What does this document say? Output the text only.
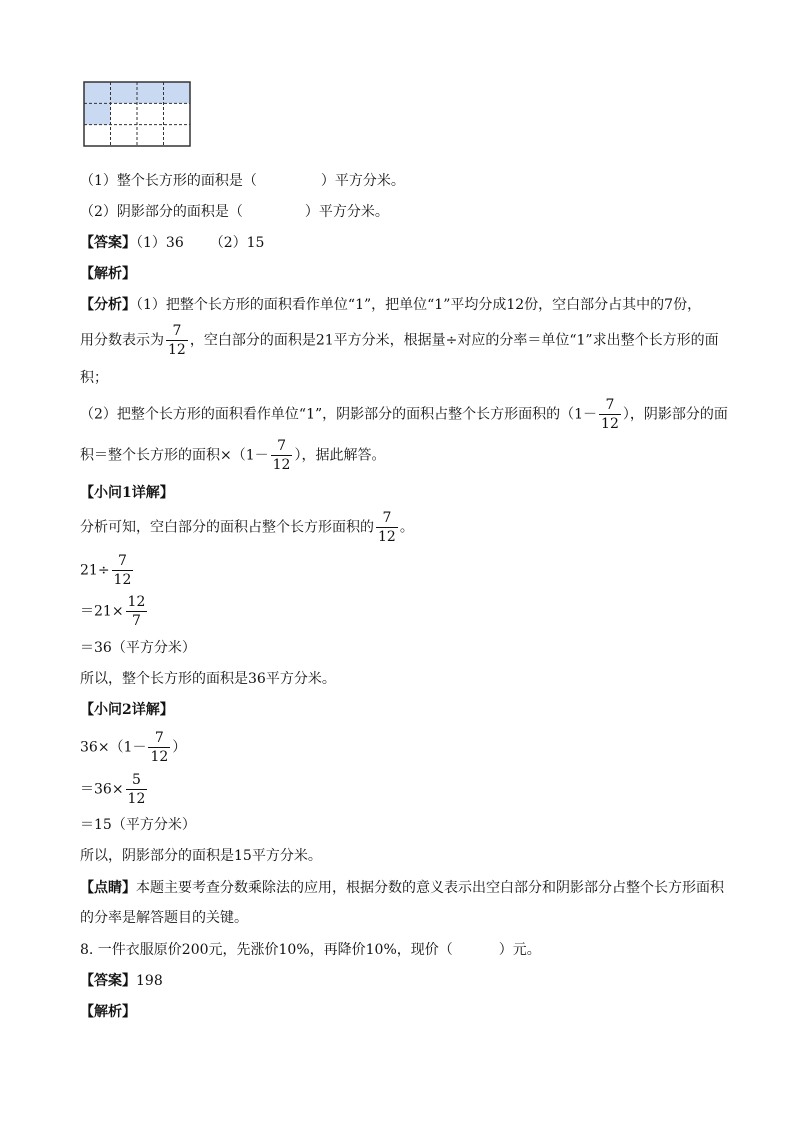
（1）整个长方形的面积是（	）平方分米。
（2）阴影部分的面积是（	）平方分米。
【答案】（1）36 （2）15
【解析】
【分析】（1）把整个长方形的面积看作单位“1”，把单位“1”平均分成12份，空白部分占其中的7份，
用分数表示为 $\frac{7}{12}$ ，空白部分的面积是21平方分米，根据量÷对应的分率＝单位“1”求出整个长方形的面
积；
（2）把整个长方形的面积看作单位“1”，阴影部分的面积占整个长方形面积的（$1- \frac{7}{12}$ ），阴影部分的面
积＝整个长方形的面积$\times(1- \frac{7}{12}$ ），据此解答。
【小问1详解】
分析可知，空白部分的面积占整个长方形面积的 $\frac{7}{12}$ 。
$21\div \frac{7}{12}$
$=21\times \frac{12}{7}$
＝36（平方分米）
所以，整个长方形的面积是36平方分米。
【小问2详解】
$36\times(1- \frac{7}{12}$ ）
$=36\times \frac{5}{12}$
＝15（平方分米）
所以，阴影部分的面积是15平方分米。
【点睛】本题主要考查分数乘除法的应用，根据分数的意义表示出空白部分和阴影部分占整个长方形面积
的分率是解答题目的关键。
8. 一件衣服原价200元，先涨价10%，再降价10%，现价（	）元。
【答案】198
【解析】
